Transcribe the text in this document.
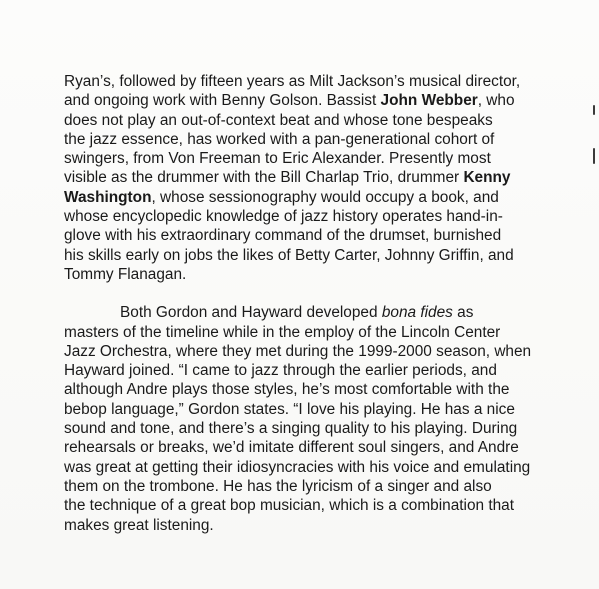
Ryan’s, followed by fifteen years as Milt Jackson’s musical director,
and ongoing work with Benny Golson. Bassist John Webber, who
does not play an out-of-context beat and whose tone bespeaks
the jazz essence, has worked with a pan-generational cohort of
swingers, from Von Freeman to Eric Alexander. Presently most
visible as the drummer with the Bill Charlap Trio, drummer Kenny
Washington, whose sessionography would occupy a book, and
whose encyclopedic knowledge of jazz history operates hand-in-
glove with his extraordinary command of the drumset, burnished
his skills early on jobs the likes of Betty Carter, Johnny Griffin, and
Tommy Flanagan.
Both Gordon and Hayward developed bona fides as
masters of the timeline while in the employ of the Lincoln Center
Jazz Orchestra, where they met during the 1999-2000 season, when
Hayward joined. “I came to jazz through the earlier periods, and
although Andre plays those styles, he’s most comfortable with the
bebop language,” Gordon states. “I love his playing. He has a nice
sound and tone, and there’s a singing quality to his playing. During
rehearsals or breaks, we’d imitate different soul singers, and Andre
was great at getting their idiosyncracies with his voice and emulating
them on the trombone. He has the lyricism of a singer and also
the technique of a great bop musician, which is a combination that
makes great listening.
